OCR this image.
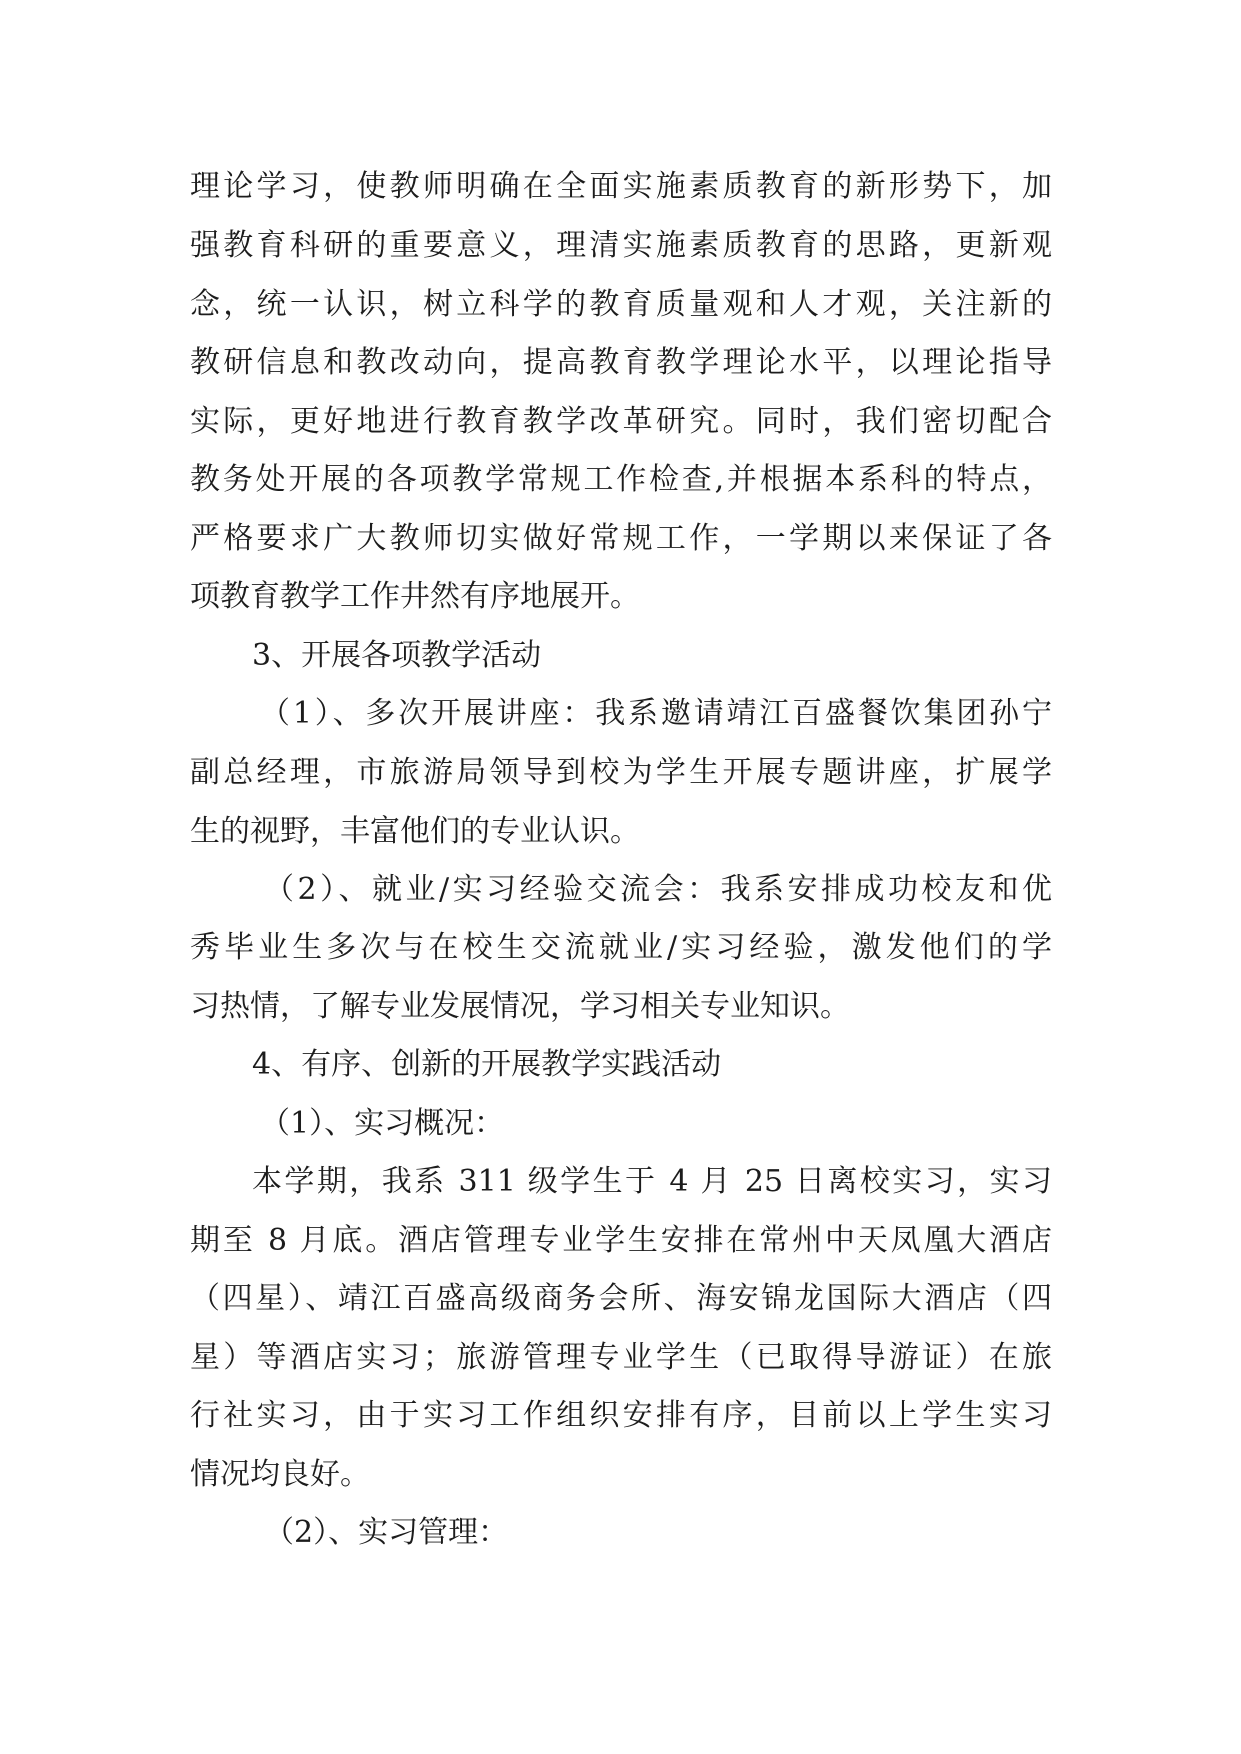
理论学习，使教师明确在全面实施素质教育的新形势下，加
强教育科研的重要意义，理清实施素质教育的思路，更新观
念，统一认识，树立科学的教育质量观和人才观，关注新的
教研信息和教改动向，提高教育教学理论水平，以理论指导
实际，更好地进行教育教学改革研究。同时，我们密切配合
教务处开展的各项教学常规工作检查,并根据本系科的特点，
严格要求广大教师切实做好常规工作，一学期以来保证了各
项教育教学工作井然有序地展开。
3、开展各项教学活动
（1）、多次开展讲座：我系邀请靖江百盛餐饮集团孙宁
副总经理，市旅游局领导到校为学生开展专题讲座，扩展学
生的视野，丰富他们的专业认识。
（2）、就业/实习经验交流会：我系安排成功校友和优
秀毕业生多次与在校生交流就业/实习经验，激发他们的学
习热情，了解专业发展情况，学习相关专业知识。
4、有序、创新的开展教学实践活动
（1）、实习概况：
本学期，我系 311 级学生于 4 月 25 日离校实习，实习
期至 8 月底。酒店管理专业学生安排在常州中天凤凰大酒店
（四星）、靖江百盛高级商务会所、海安锦龙国际大酒店（四
星）等酒店实习；旅游管理专业学生（已取得导游证）在旅
行社实习，由于实习工作组织安排有序，目前以上学生实习
情况均良好。
（2）、实习管理：
